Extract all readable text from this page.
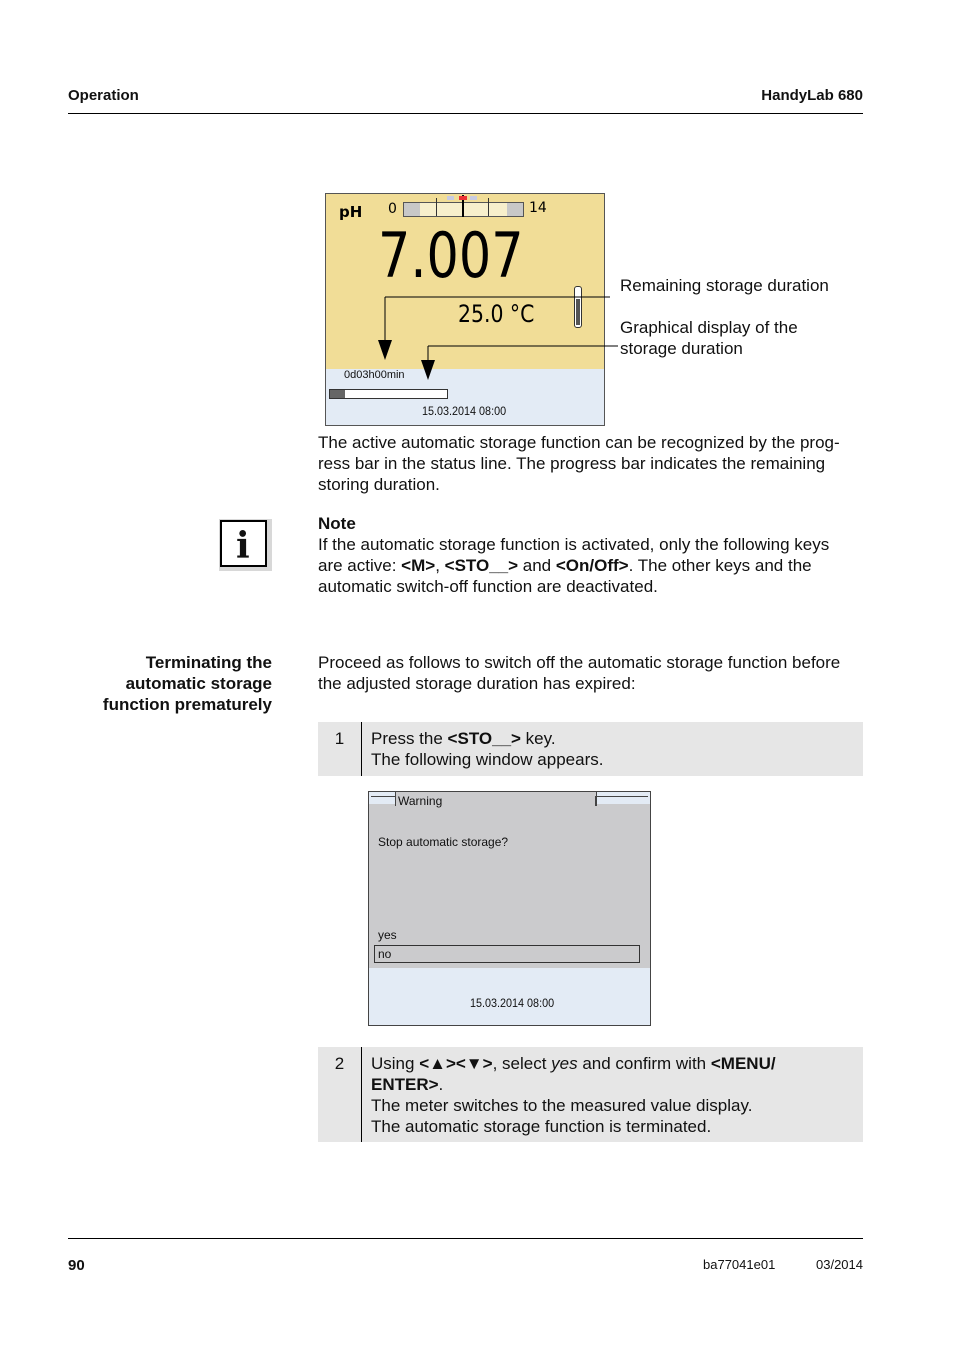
Operation	HandyLab 680
pH 0	14
7.007
25.0 °C
0d03h00min
15.03.2014 08:00
Remaining storage duration
Graphical display of the
storage duration
The active automatic storage function can be recognized by the prog-
ress bar in the status line. The progress bar indicates the remaining
storing duration.
i
Note
If the automatic storage function is activated, only the following keys
are active: <M>, <STO__> and <On/Off>. The other keys and the
automatic switch-off function are deactivated.
Terminating the
automatic storage
function prematurely
Proceed as follows to switch off the automatic storage function before
the adjusted storage duration has expired:
1	Press the <STO__> key.
The following window appears.
Warning
Stop automatic storage?
yes
no
15.03.2014 08:00
2	Using <▲><▼>, select yes and confirm with <MENU/
ENTER>.
The meter switches to the measured value display.
The automatic storage function is terminated.
90	ba77041e01	03/2014
